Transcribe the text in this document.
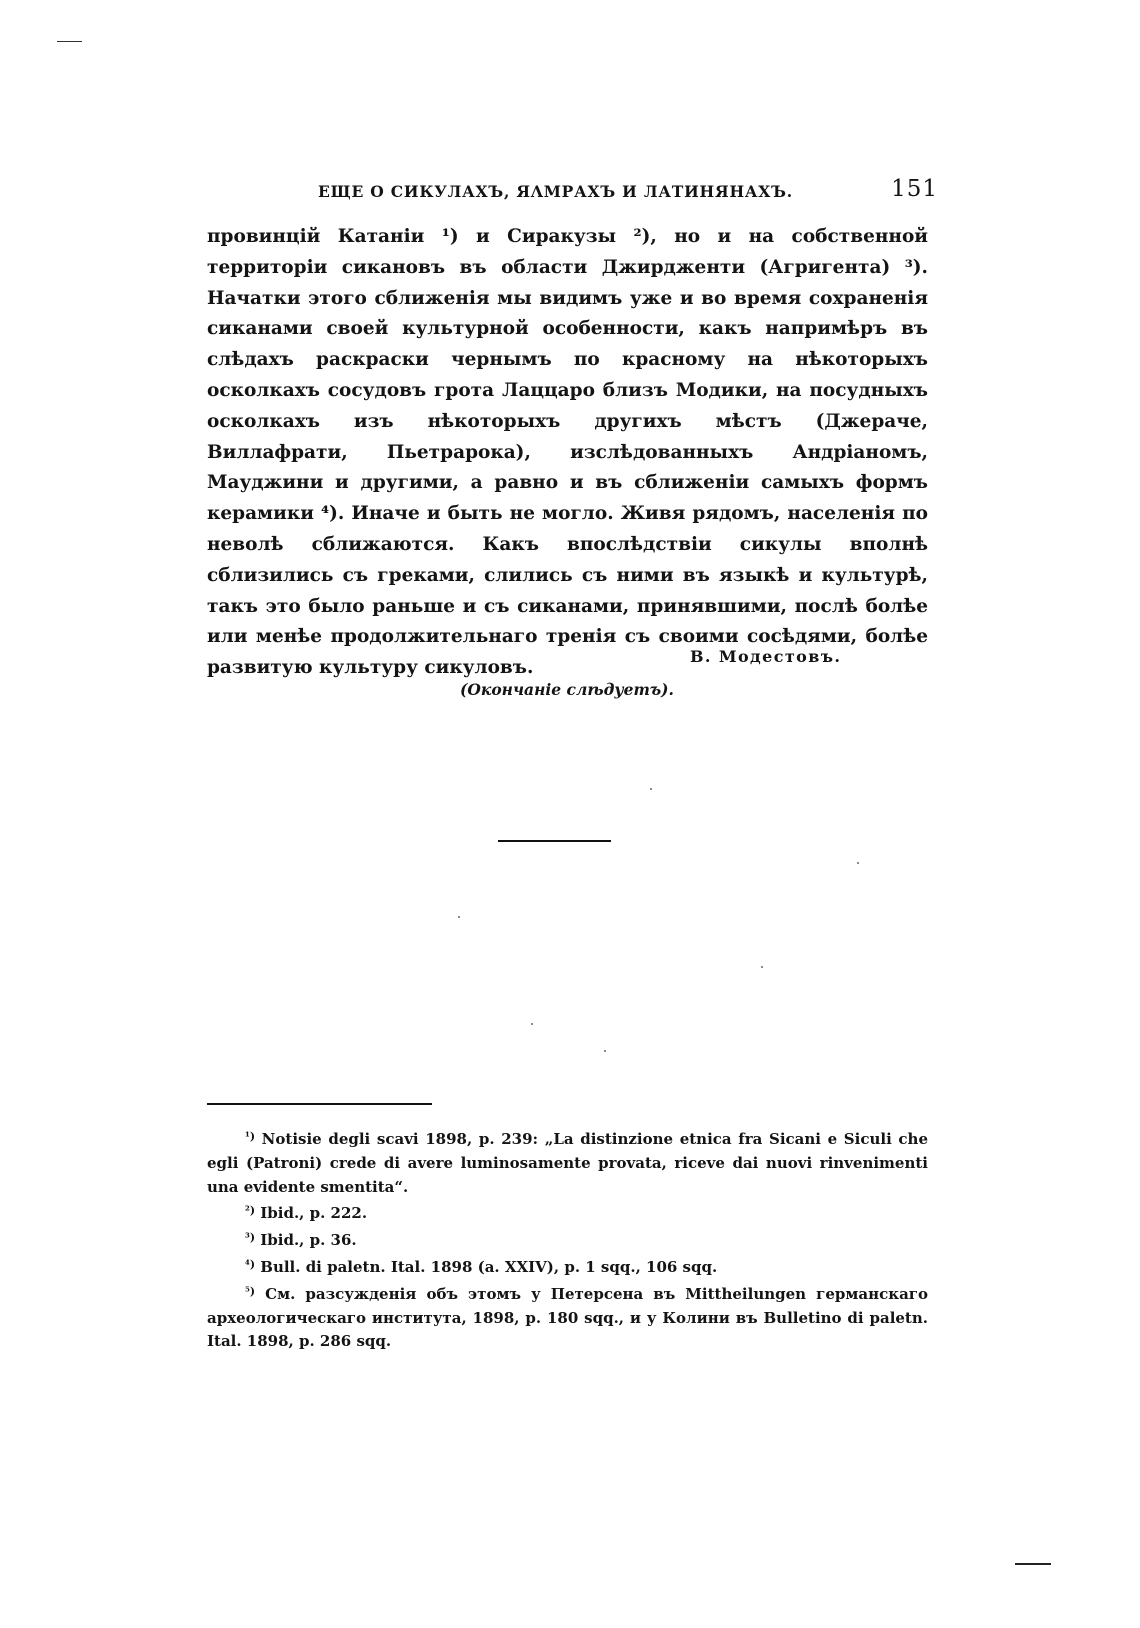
ЕЩЕ О СИКУЛАХЪ, ЯΛМРАХЪ И ЛАТИНЯНАХЪ.	151

провинцій Катаніи ¹) и Сиракузы ²), но и на собственной территоріи сикановъ въ области Джирдженти (Агригента) ³). Начатки этого сближенія мы видимъ уже и во время сохраненія сиканами своей культурной особенности, какъ напримѣръ въ слѣдахъ раскраски чернымъ по красному на нѣкоторыхъ осколкахъ сосудовъ грота Лаццаро близъ Модики, на посудныхъ осколкахъ изъ нѣкоторыхъ другихъ мѣстъ (Джераче, Виллафрати, Пьетрарока), изслѣдованныхъ Андріаномъ, Мауджини и другими, а равно и въ сближеніи самыхъ формъ керамики ⁴). Иначе и быть не могло. Живя рядомъ, населенія по неволѣ сближаются. Какъ впослѣдствіи сикулы вполнѣ сблизились съ греками, слились съ ними въ языкѣ и культурѣ, такъ это было раньше и съ сиканами, принявшими, послѣ болѣе или менѣе продолжительнаго тренія съ своими сосѣдями, болѣе развитую культуру сикуловъ.

В. Модестовъ.
(Окончаніе слѣдуетъ).

$^{^1)}$ Notisie degli scavi 1898, p. 239: „La distinzione etnica fra Sicani e Siculi che egli (Patroni) crede di avere luminosamente provata, riceve dai nuovi rinvenimenti una evidente smentita“.

$^{^2)}$ Ibid., p. 222.

$^{^3)}$ Ibid., p. 36.

$^{^4)}$ Bull. di paletn. Ital. 1898 (a. XXIV), p. 1 sqq., 106 sqq.

$^{^5)}$ См. разсужденія объ этомъ у Петерсена въ Mittheilungen германскаго археологическаго института, 1898, p. 180 sqq., и у Колини въ Bulletino di paletn. Ital. 1898, p. 286 sqq.
